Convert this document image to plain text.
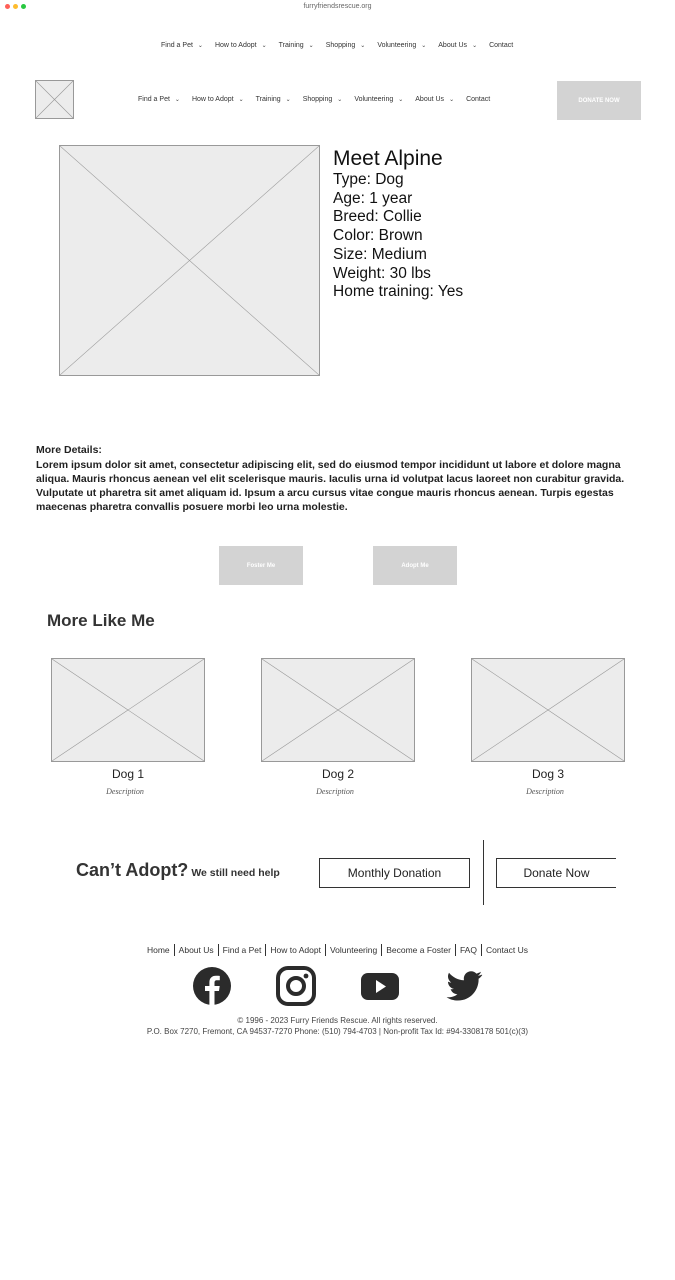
furryfriendsrescue.org
Find a Pet ⌄ How to Adopt ⌄ Training ⌄ Shopping ⌄ Volunteering ⌄ About Us ⌄ Contact
Find a Pet ⌄ How to Adopt ⌄ Training ⌄ Shopping ⌄ Volunteering ⌄ About Us ⌄ Contact	DONATE NOW
Meet Alpine
Type: Dog
Age: 1 year
Breed: Collie
Color: Brown
Size: Medium
Weight: 30 lbs
Home training: Yes
More Details:
Lorem ipsum dolor sit amet, consectetur adipiscing elit, sed do eiusmod tempor incididunt ut labore et dolore magna aliqua. Mauris rhoncus aenean vel elit scelerisque mauris. Iaculis urna id volutpat lacus laoreet non curabitur gravida. Vulputate ut pharetra sit amet aliquam id. Ipsum a arcu cursus vitae congue mauris rhoncus aenean. Turpis egestas maecenas pharetra convallis posuere morbi leo urna molestie.
Foster Me	Adopt Me
More Like Me
Dog 1
Description
Dog 2
Description
Dog 3
Description
Can’t Adopt? We still need help	Monthly Donation	Donate Now
Home	About Us	Find a Pet	How to Adopt	Volunteering	Become a Foster	FAQ	Contact Us
© 1996 - 2023 Furry Friends Rescue. All rights reserved.
P.O. Box 7270, Fremont, CA 94537-7270 Phone: (510) 794-4703 | Non-profit Tax Id: #94-3308178 501(c)(3)
